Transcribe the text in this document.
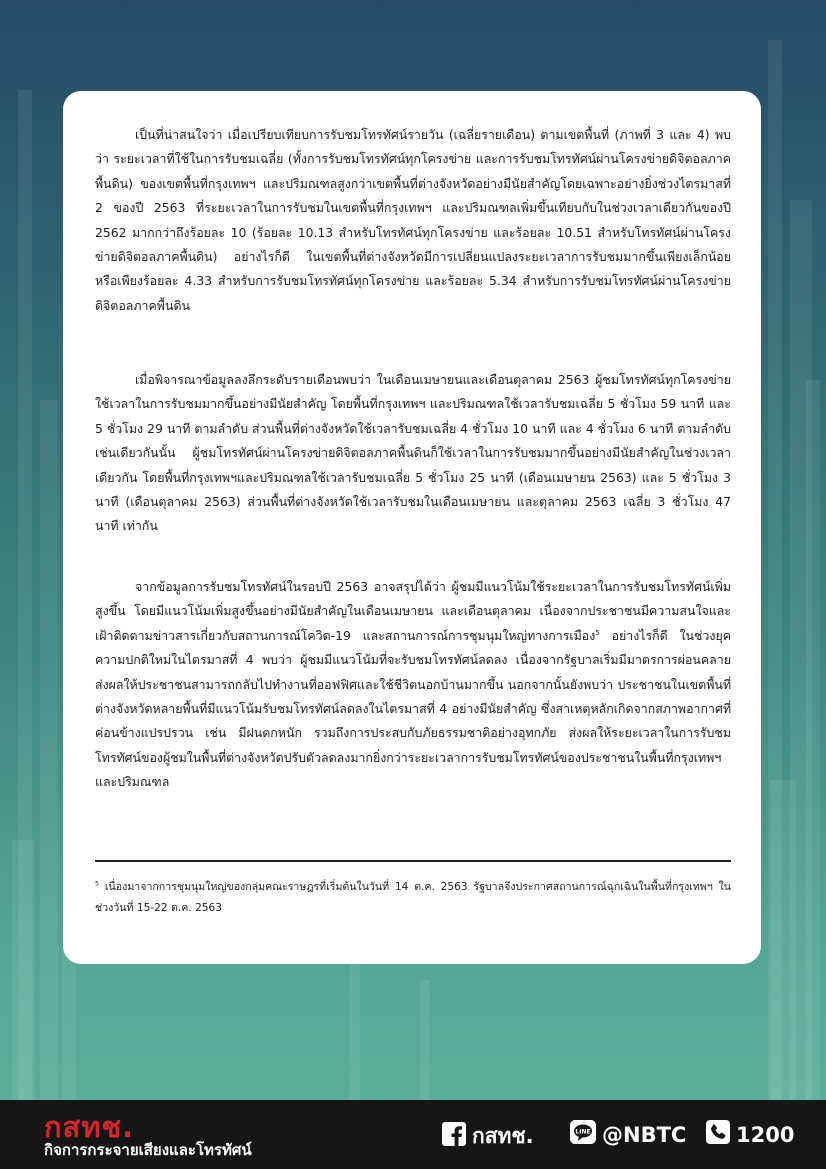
เป็นที่น่าสนใจว่า เมื่อเปรียบเทียบการรับชมโทรทัศน์รายวัน (เฉลี่ยรายเดือน) ตามเขตพื้นที่ (ภาพที่ 3 และ 4) พบว่า ระยะเวลาที่ใช้ในการรับชมเฉลี่ย (ทั้งการรับชมโทรทัศน์ทุกโครงข่าย และการรับชมโทรทัศน์ผ่านโครงข่ายดิจิตอลภาคพื้นดิน) ของเขตพื้นที่กรุงเทพฯ และปริมณฑลสูงกว่าเขตพื้นที่ต่างจังหวัดอย่างมีนัยสำคัญโดยเฉพาะอย่างยิ่งช่วงไตรมาสที่ 2 ของปี 2563 ที่ระยะเวลาในการรับชมในเขตพื้นที่กรุงเทพฯ และปริมณฑลเพิ่มขึ้นเทียบกับในช่วงเวลาเดียวกันของปี 2562 มากกว่าถึงร้อยละ 10 (ร้อยละ 10.13 สำหรับโทรทัศน์ทุกโครงข่าย และร้อยละ 10.51 สำหรับโทรทัศน์ผ่านโครงข่ายดิจิตอลภาคพื้นดิน) อย่างไรก็ดี ในเขตพื้นที่ต่างจังหวัดมีการเปลี่ยนแปลงระยะเวลาการรับชมมากขึ้นเพียงเล็กน้อย หรือเพียงร้อยละ 4.33 สำหรับการรับชมโทรทัศน์ทุกโครงข่าย และร้อยละ 5.34 สำหรับการรับชมโทรทัศน์ผ่านโครงข่ายดิจิตอลภาคพื้นดิน

เมื่อพิจารณาข้อมูลลงลึกระดับรายเดือนพบว่า ในเดือนเมษายนและเดือนตุลาคม 2563 ผู้ชมโทรทัศน์ทุกโครงข่ายใช้เวลาในการรับชมมากขึ้นอย่างมีนัยสำคัญ โดยพื้นที่กรุงเทพฯ และปริมณฑลใช้เวลารับชมเฉลี่ย 5 ชั่วโมง 59 นาที และ 5 ชั่วโมง 29 นาที ตามลำดับ ส่วนพื้นที่ต่างจังหวัดใช้เวลารับชมเฉลี่ย 4 ชั่วโมง 10 นาที และ 4 ชั่วโมง 6 นาที ตามลำดับ เช่นเดียวกันนั้น ผู้ชมโทรทัศน์ผ่านโครงข่ายดิจิตอลภาคพื้นดินก็ใช้เวลาในการรับชมมากขึ้นอย่างมีนัยสำคัญในช่วงเวลาเดียวกัน โดยพื้นที่กรุงเทพฯและปริมณฑลใช้เวลารับชมเฉลี่ย 5 ชั่วโมง 25 นาที (เดือนเมษายน 2563) และ 5 ชั่วโมง 3 นาที (เดือนตุลาคม 2563) ส่วนพื้นที่ต่างจังหวัดใช้เวลารับชมในเดือนเมษายน และตุลาคม 2563 เฉลี่ย 3 ชั่วโมง 47 นาที เท่ากัน

จากข้อมูลการรับชมโทรทัศน์ในรอบปี 2563 อาจสรุปได้ว่า ผู้ชมมีแนวโน้มใช้ระยะเวลาในการรับชมโทรทัศน์เพิ่มสูงขึ้น โดยมีแนวโน้มเพิ่มสูงขึ้นอย่างมีนัยสำคัญในเดือนเมษายน และเดือนตุลาคม เนื่องจากประชาชนมีความสนใจและเฝ้าติดตามข่าวสารเกี่ยวกับสถานการณ์โควิด-19 และสถานการณ์การชุมนุมใหญ่ทางการเมือง$^5$ อย่างไรก็ดี ในช่วงยุคความปกติใหม่ในไตรมาสที่ 4 พบว่า ผู้ชมมีแนวโน้มที่จะรับชมโทรทัศน์ลดลง เนื่องจากรัฐบาลเริ่มมีมาตรการผ่อนคลาย ส่งผลให้ประชาชนสามารถกลับไปทำงานที่ออฟฟิศและใช้ชีวิตนอกบ้านมากขึ้น นอกจากนั้นยังพบว่า ประชาชนในเขตพื้นที่ต่างจังหวัดหลายพื้นที่มีแนวโน้มรับชมโทรทัศน์ลดลงในไตรมาสที่ 4 อย่างมีนัยสำคัญ ซึ่งสาเหตุหลักเกิดจากสภาพอากาศที่ค่อนข้างแปรปรวน เช่น มีฝนตกหนัก รวมถึงการประสบกับภัยธรรมชาติอย่างอุทกภัย ส่งผลให้ระยะเวลาในการรับชมโทรทัศน์ของผู้ชมในพื้นที่ต่างจังหวัดปรับตัวลดลงมากยิ่งกว่าระยะเวลาการรับชมโทรทัศน์ของประชาชนในพื้นที่กรุงเทพฯ และปริมณฑล

$^5$ เนื่องมาจากการชุมนุมใหญ่ของกลุ่มคณะราษฎรที่เริ่มต้นในวันที่ 14 ต.ค. 2563 รัฐบาลจึงประกาศสถานการณ์ฉุกเฉินในพื้นที่กรุงเทพฯ ในช่วงวันที่ 15-22 ต.ค. 2563

กสทช.
กิจการกระจายเสียงและโทรทัศน์
กสทช.	LINE @NBTC 1200
